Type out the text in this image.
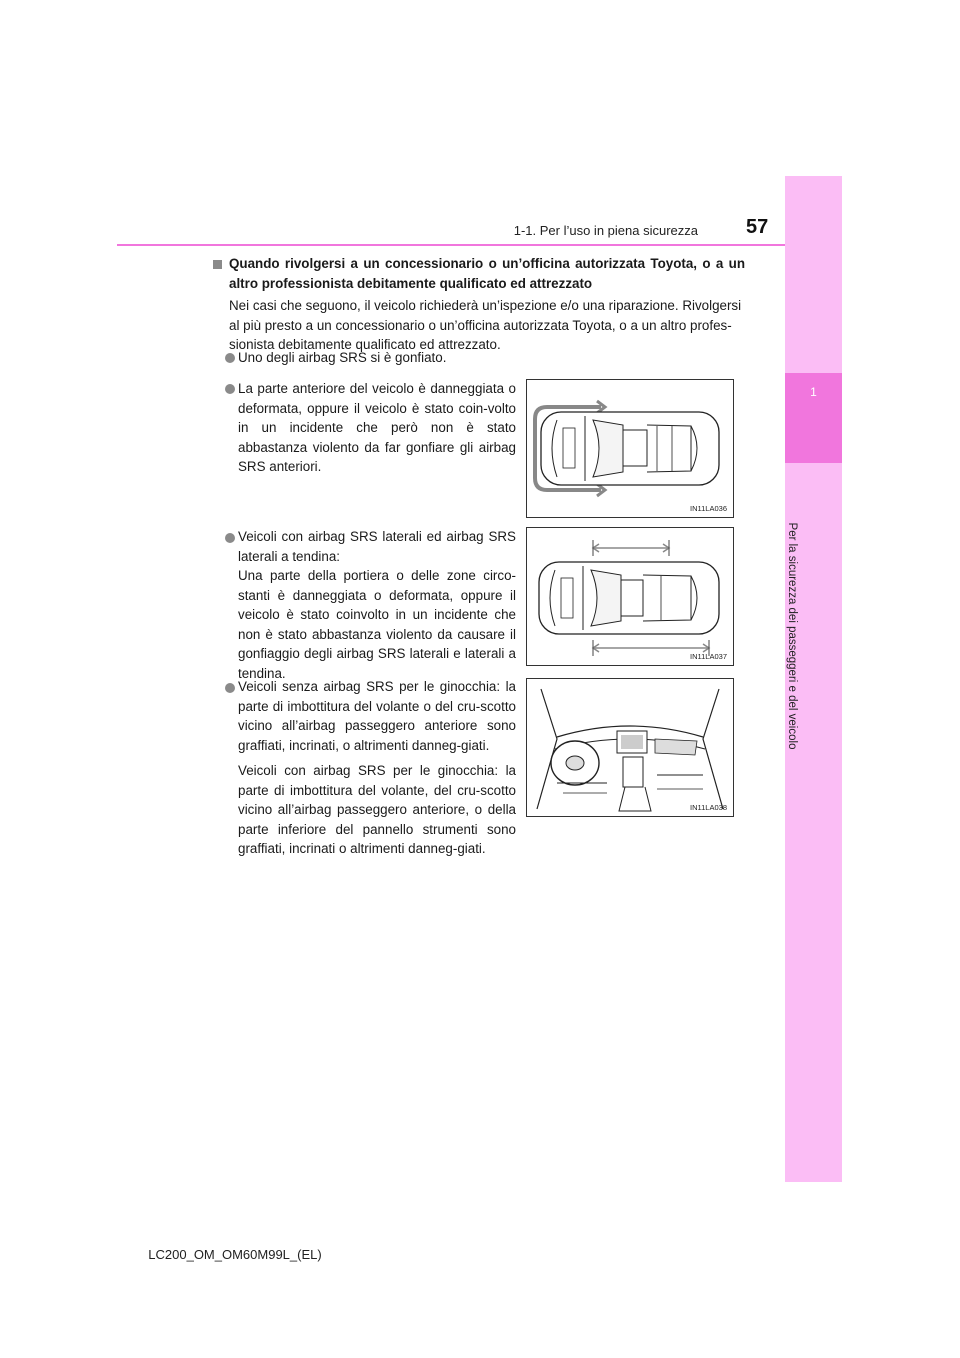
1
Per la sicurezza dei passeggeri e del veicolo
1-1. Per l’uso in piena sicurezza 57
Quando rivolgersi a un concessionario o un’officina autorizzata Toyota, o a un altro professionista debitamente qualificato ed attrezzato
Nei casi che seguono, il veicolo richiederà un’ispezione e/o una riparazione. Rivolgersi al più presto a un concessionario o un’officina autorizzata Toyota, o a un altro profes-sionista debitamente qualificato ed attrezzato.
Uno degli airbag SRS si è gonfiato.
La parte anteriore del veicolo è danneggiata o deformata, oppure il veicolo è stato coin-volto in un incidente che però non è stato abbastanza violento da far gonfiare gli airbag SRS anteriori.
IN11LA036

Veicoli con airbag SRS laterali ed airbag SRS laterali a tendina:

Una parte della portiera o delle zone circo-stanti è danneggiata o deformata, oppure il veicolo è stato coinvolto in un incidente che non è stato abbastanza violento da causare il gonfiaggio degli airbag SRS laterali e laterali a tendina.

IN11LA037

Veicoli senza airbag SRS per le ginocchia: la parte di imbottitura del volante o del cru-scotto vicino all’airbag passeggero anteriore sono graffiati, incrinati, o altrimenti danneg-giati.

Veicoli con airbag SRS per le ginocchia: la parte di imbottitura del volante, del cru-scotto vicino all’airbag passeggero anteriore, o della parte inferiore del pannello strumenti sono graffiati, incrinati o altrimenti danneg-giati.

IN11LA038
LC200_OM_OM60M99L_(EL)
